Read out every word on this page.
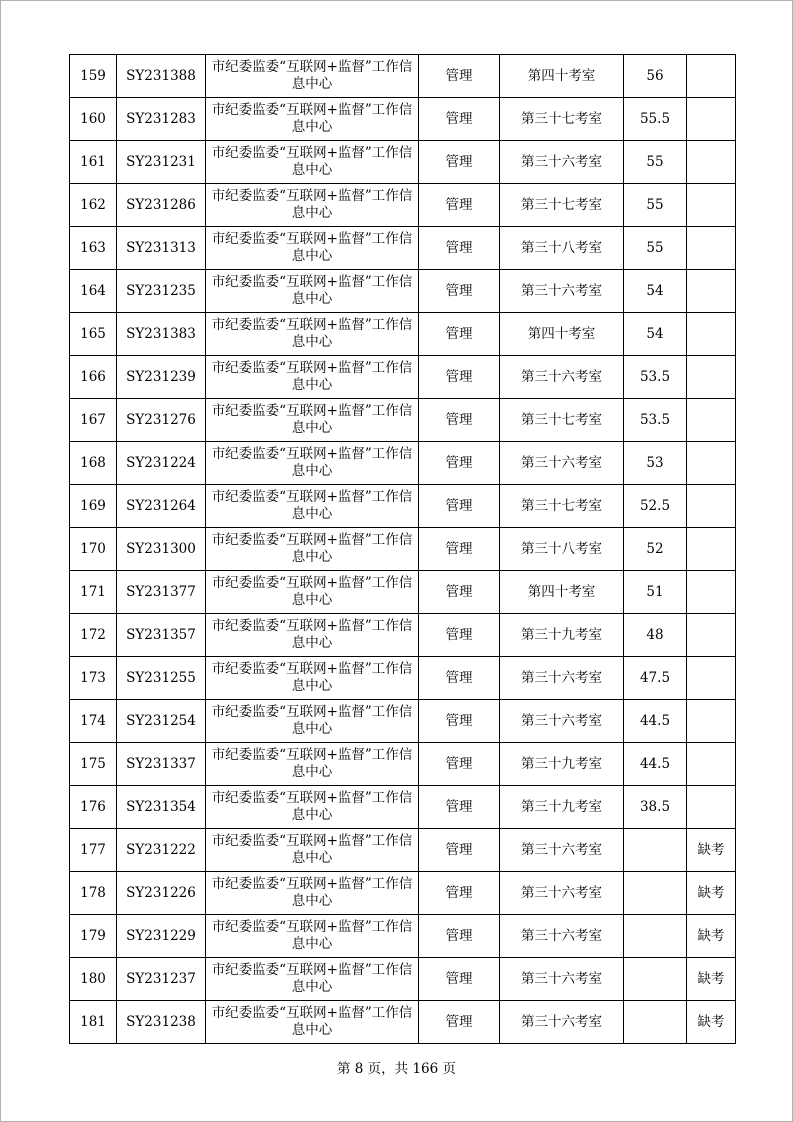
159	SY231388	市纪委监委“互联网+监督”工作信息中心	管理	第四十考室	56	
160	SY231283	市纪委监委“互联网+监督”工作信息中心	管理	第三十七考室	55.5	
161	SY231231	市纪委监委“互联网+监督”工作信息中心	管理	第三十六考室	55	
162	SY231286	市纪委监委“互联网+监督”工作信息中心	管理	第三十七考室	55	
163	SY231313	市纪委监委“互联网+监督”工作信息中心	管理	第三十八考室	55	
164	SY231235	市纪委监委“互联网+监督”工作信息中心	管理	第三十六考室	54	
165	SY231383	市纪委监委“互联网+监督”工作信息中心	管理	第四十考室	54	
166	SY231239	市纪委监委“互联网+监督”工作信息中心	管理	第三十六考室	53.5	
167	SY231276	市纪委监委“互联网+监督”工作信息中心	管理	第三十七考室	53.5	
168	SY231224	市纪委监委“互联网+监督”工作信息中心	管理	第三十六考室	53	
169	SY231264	市纪委监委“互联网+监督”工作信息中心	管理	第三十七考室	52.5	
170	SY231300	市纪委监委“互联网+监督”工作信息中心	管理	第三十八考室	52	
171	SY231377	市纪委监委“互联网+监督”工作信息中心	管理	第四十考室	51	
172	SY231357	市纪委监委“互联网+监督”工作信息中心	管理	第三十九考室	48	
173	SY231255	市纪委监委“互联网+监督”工作信息中心	管理	第三十六考室	47.5	
174	SY231254	市纪委监委“互联网+监督”工作信息中心	管理	第三十六考室	44.5	
175	SY231337	市纪委监委“互联网+监督”工作信息中心	管理	第三十九考室	44.5	
176	SY231354	市纪委监委“互联网+监督”工作信息中心	管理	第三十九考室	38.5	
177	SY231222	市纪委监委“互联网+监督”工作信息中心	管理	第三十六考室		缺考
178	SY231226	市纪委监委“互联网+监督”工作信息中心	管理	第三十六考室		缺考
179	SY231229	市纪委监委“互联网+监督”工作信息中心	管理	第三十六考室		缺考
180	SY231237	市纪委监委“互联网+监督”工作信息中心	管理	第三十六考室		缺考
181	SY231238	市纪委监委“互联网+监督”工作信息中心	管理	第三十六考室		缺考
第 8 页，共 166 页
